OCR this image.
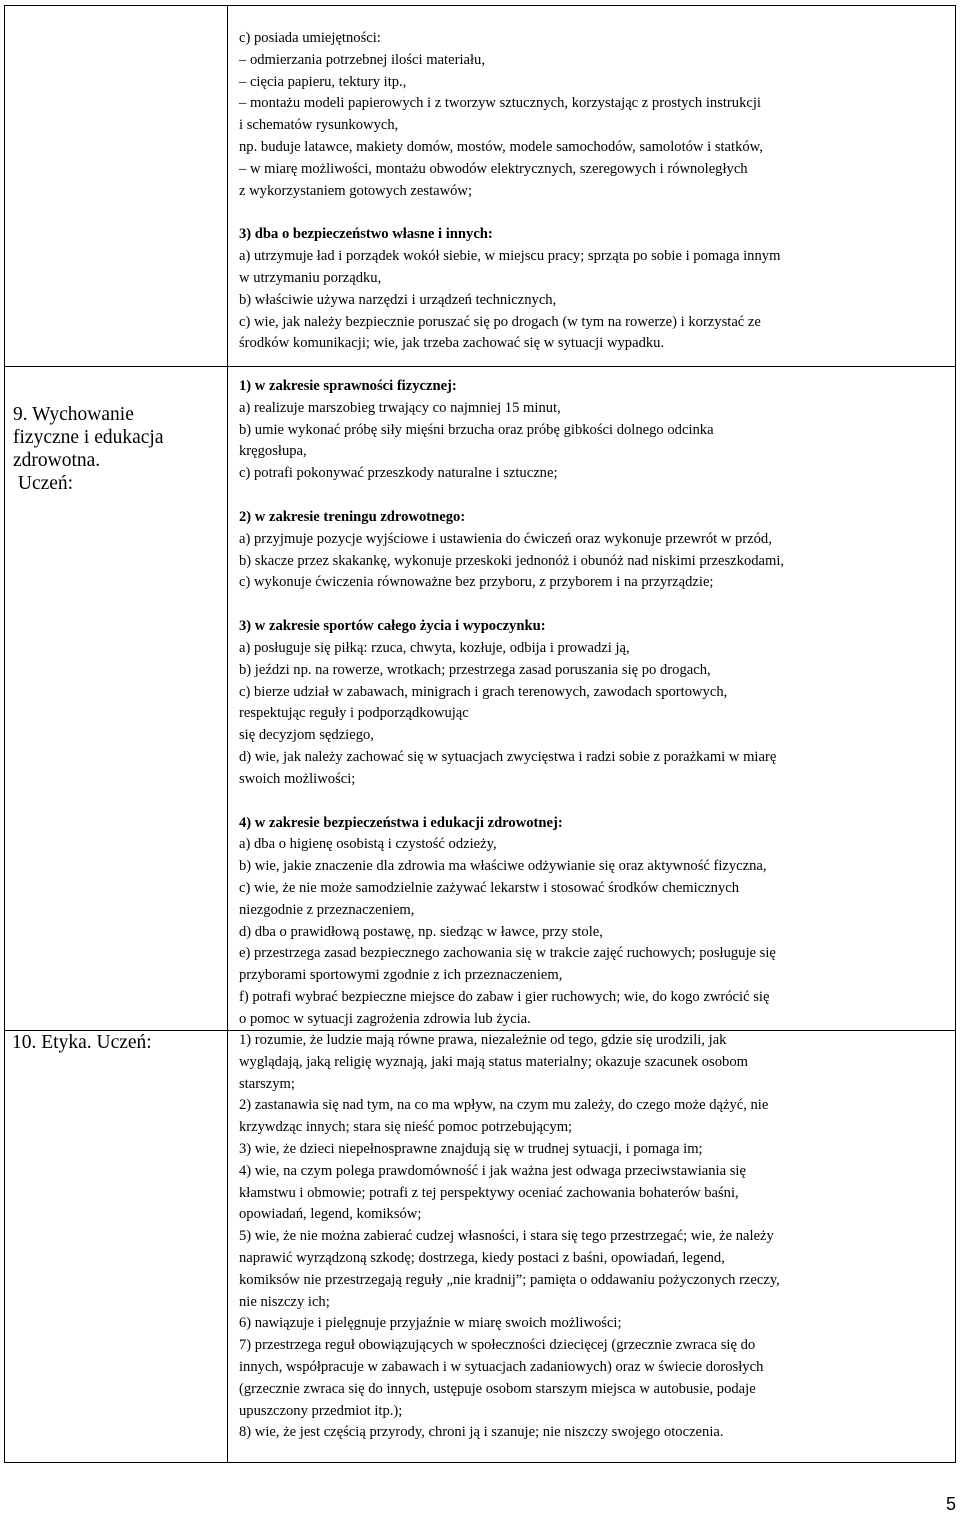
c) posiada umiejętności:

– odmierzania potrzebnej ilości materiału,

– cięcia papieru, tektury itp.,

– montażu modeli papierowych i z tworzyw sztucznych, korzystając z prostych instrukcji

i schematów rysunkowych,

np. buduje latawce, makiety domów, mostów, modele samochodów, samolotów i statków,

– w miarę możliwości, montażu obwodów elektrycznych, szeregowych i równoległych

z wykorzystaniem gotowych zestawów;

3) dba o bezpieczeństwo własne i innych:

a) utrzymuje ład i porządek wokół siebie, w miejscu pracy; sprząta po sobie i pomaga innym

w utrzymaniu porządku,

b) właściwie używa narzędzi i urządzeń technicznych,

c) wie, jak należy bezpiecznie poruszać się po drogach (w tym na rowerze) i korzystać ze

środków komunikacji; wie, jak trzeba zachować się w sytuacji wypadku.

9. Wychowanie
fizyczne i edukacja
zdrowotna.
Uczeń:

1) w zakresie sprawności fizycznej:

a) realizuje marszobieg trwający co najmniej 15 minut,

b) umie wykonać próbę siły mięśni brzucha oraz próbę gibkości dolnego odcinka

kręgosłupa,

c) potrafi pokonywać przeszkody naturalne i sztuczne;

2) w zakresie treningu zdrowotnego:

a) przyjmuje pozycje wyjściowe i ustawienia do ćwiczeń oraz wykonuje przewrót w przód,

b) skacze przez skakankę, wykonuje przeskoki jednonóż i obunóż nad niskimi przeszkodami,

c) wykonuje ćwiczenia równoważne bez przyboru, z przyborem i na przyrządzie;

3) w zakresie sportów całego życia i wypoczynku:

a) posługuje się piłką: rzuca, chwyta, kozłuje, odbija i prowadzi ją,

b) jeździ np. na rowerze, wrotkach; przestrzega zasad poruszania się po drogach,

c) bierze udział w zabawach, minigrach i grach terenowych, zawodach sportowych,

respektując reguły i podporządkowując

się decyzjom sędziego,

d) wie, jak należy zachować się w sytuacjach zwycięstwa i radzi sobie z porażkami w miarę

swoich możliwości;

4) w zakresie bezpieczeństwa i edukacji zdrowotnej:

a) dba o higienę osobistą i czystość odzieży,

b) wie, jakie znaczenie dla zdrowia ma właściwe odżywianie się oraz aktywność fizyczna,

c) wie, że nie może samodzielnie zażywać lekarstw i stosować środków chemicznych

niezgodnie z przeznaczeniem,

d) dba o prawidłową postawę, np. siedząc w ławce, przy stole,

e) przestrzega zasad bezpiecznego zachowania się w trakcie zajęć ruchowych; posługuje się

przyborami sportowymi zgodnie z ich przeznaczeniem,

f) potrafi wybrać bezpieczne miejsce do zabaw i gier ruchowych; wie, do kogo zwrócić się

o pomoc w sytuacji zagrożenia zdrowia lub życia.

10. Etyka. Uczeń:	1) rozumie, że ludzie mają równe prawa, niezależnie od tego, gdzie się urodzili, jak

wyglądają, jaką religię wyznają, jaki mają status materialny; okazuje szacunek osobom

starszym;

2) zastanawia się nad tym, na co ma wpływ, na czym mu zależy, do czego może dążyć, nie

krzywdząc innych; stara się nieść pomoc potrzebującym;

3) wie, że dzieci niepełnosprawne znajdują się w trudnej sytuacji, i pomaga im;

4) wie, na czym polega prawdomówność i jak ważna jest odwaga przeciwstawiania się

kłamstwu i obmowie; potrafi z tej perspektywy oceniać zachowania bohaterów baśni,

opowiadań, legend, komiksów;

5) wie, że nie można zabierać cudzej własności, i stara się tego przestrzegać; wie, że należy

naprawić wyrządzoną szkodę; dostrzega, kiedy postaci z baśni, opowiadań, legend,

komiksów nie przestrzegają reguły „nie kradnij”; pamięta o oddawaniu pożyczonych rzeczy,

nie niszczy ich;

6) nawiązuje i pielęgnuje przyjaźnie w miarę swoich możliwości;

7) przestrzega reguł obowiązujących w społeczności dziecięcej (grzecznie zwraca się do

innych, współpracuje w zabawach i w sytuacjach zadaniowych) oraz w świecie dorosłych

(grzecznie zwraca się do innych, ustępuje osobom starszym miejsca w autobusie, podaje

upuszczony przedmiot itp.);

8) wie, że jest częścią przyrody, chroni ją i szanuje; nie niszczy swojego otoczenia.

5
